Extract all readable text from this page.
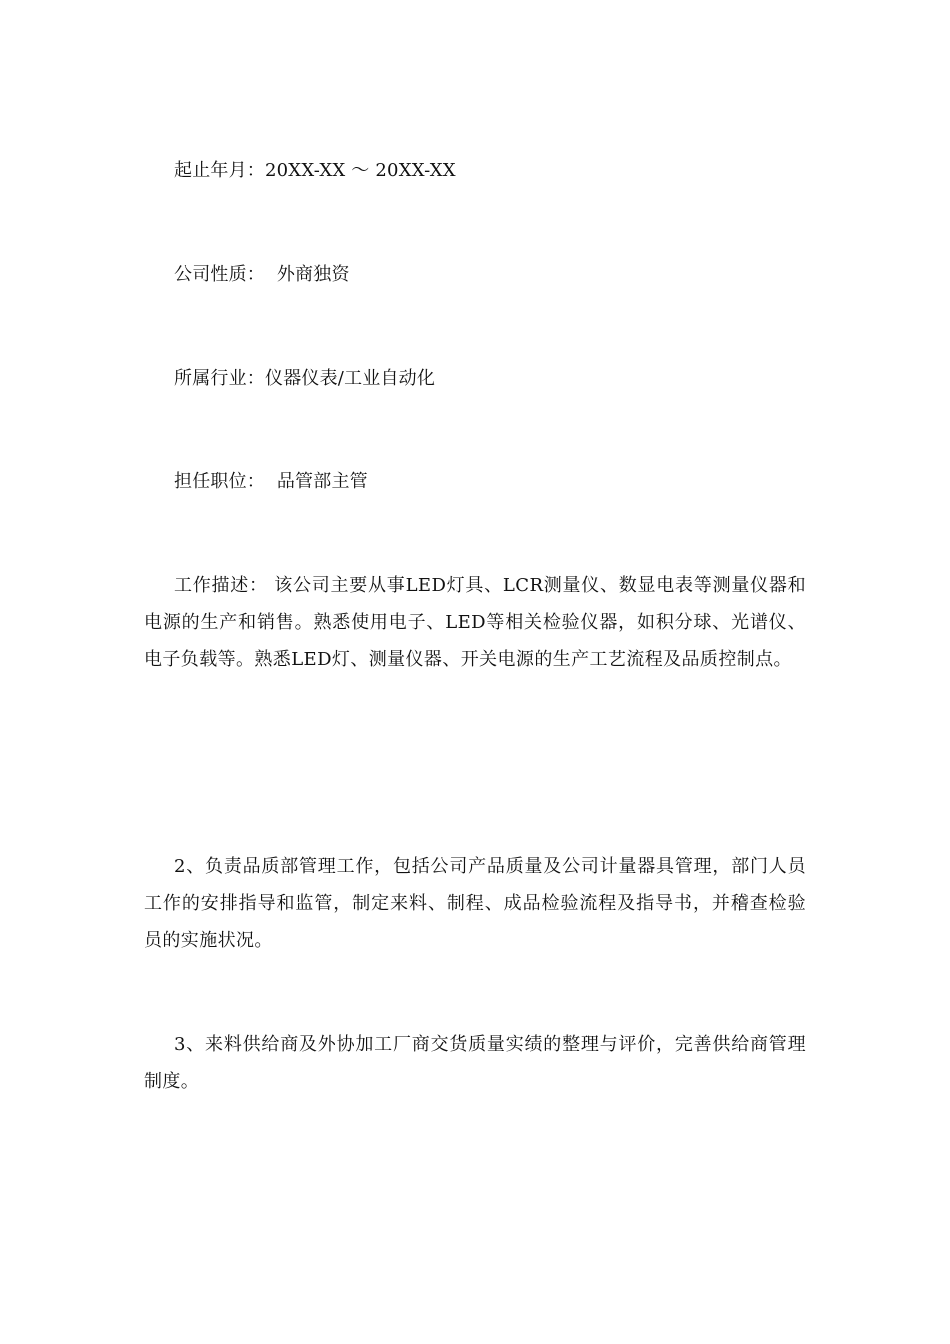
起止年月：20XX-XX ～ 20XX-XX
公司性质：  外商独资
所属行业：仪器仪表/工业自动化
担任职位：  品管部主管

工作描述： 该公司主要从事LED灯具、LCR测量仪、数显电表等测量仪器和电源的生产和销售。熟悉使用电子、LED等相关检验仪器，如积分球、光谱仪、电子负载等。熟悉LED灯、测量仪器、开关电源的生产工艺流程及品质控制点。

2、负责品质部管理工作，包括公司产品质量及公司计量器具管理，部门人员工作的安排指导和监管，制定来料、制程、成品检验流程及指导书，并稽查检验员的实施状况。

3、来料供给商及外协加工厂商交货质量实绩的整理与评价，完善供给商管理制度。
